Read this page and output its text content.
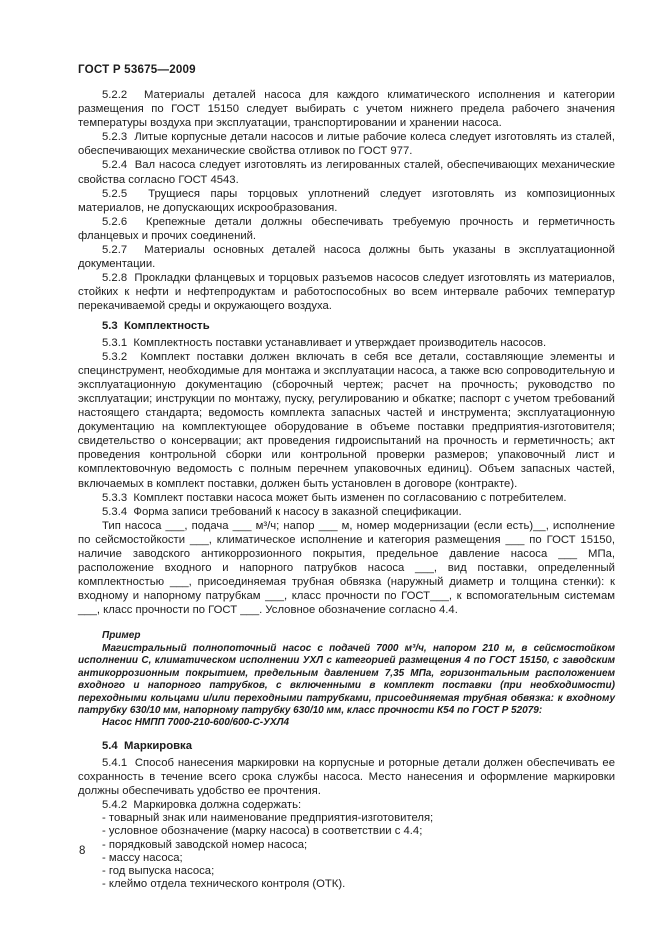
ГОСТ Р 53675—2009
5.2.2  Материалы деталей насоса для каждого климатического исполнения и категории размещения по ГОСТ 15150 следует выбирать с учетом нижнего предела рабочего значения температуры воздуха при эксплуатации, транспортировании и хранении насоса.
5.2.3  Литые корпусные детали насосов и литые рабочие колеса следует изготовлять из сталей, обеспечивающих механические свойства отливок по ГОСТ 977.
5.2.4  Вал насоса следует изготовлять из легированных сталей, обеспечивающих механические свойства согласно ГОСТ 4543.
5.2.5  Трущиеся пары торцовых уплотнений следует изготовлять из композиционных материалов, не допускающих искрообразования.
5.2.6  Крепежные детали должны обеспечивать требуемую прочность и герметичность фланцевых и прочих соединений.
5.2.7  Материалы основных деталей насоса должны быть указаны в эксплуатационной документации.
5.2.8  Прокладки фланцевых и торцовых разъемов насосов следует изготовлять из материалов, стойких к нефти и нефтепродуктам и работоспособных во всем интервале рабочих температур перекачиваемой среды и окружающего воздуха.
5.3  Комплектность
5.3.1  Комплектность поставки устанавливает и утверждает производитель насосов.
5.3.2  Комплект поставки должен включать в себя все детали, составляющие элементы и специнструмент, необходимые для монтажа и эксплуатации насоса, а также всю сопроводительную и эксплуатационную документацию (сборочный чертеж; расчет на прочность; руководство по эксплуатации; инструкции по монтажу, пуску, регулированию и обкатке; паспорт с учетом требований настоящего стандарта; ведомость комплекта запасных частей и инструмента; эксплуатационную документацию на комплектующее оборудование в объеме поставки предприятия-изготовителя; свидетельство о консервации; акт проведения гидроиспытаний на прочность и герметичность; акт проведения контрольной сборки или контрольной проверки размеров; упаковочный лист и комплектовочную ведомость с полным перечнем упаковочных единиц). Объем запасных частей, включаемых в комплект поставки, должен быть установлен в договоре (контракте).
5.3.3  Комплект поставки насоса может быть изменен по согласованию с потребителем.
5.3.4  Форма записи требований к насосу в заказной спецификации.
Тип насоса ___, подача ___ м³/ч; напор ___ м, номер модернизации (если есть)__, исполнение по сейсмостойкости ___, климатическое исполнение и категория размещения ___ по ГОСТ 15150, наличие заводского антикоррозионного покрытия, предельное давление насоса ___ МПа, расположение входного и напорного патрубков насоса ___, вид поставки, определенный комплектностью ___, присоединяемая трубная обвязка (наружный диаметр и толщина стенки): к входному и напорному патрубкам ___, класс прочности по ГОСТ___, к вспомогательным системам ___, класс прочности по ГОСТ ___. Условное обозначение согласно 4.4.
Пример
Магистральный полнопоточный насос с подачей 7000 м³/ч, напором 210 м, в сейсмостойком исполнении С, климатическом исполнении УХЛ с категорией размещения 4 по ГОСТ 15150, с заводским антикоррозионным покрытием, предельным давлением 7,35 МПа, горизонтальным расположением входного и напорного патрубков, с включенными в комплект поставки (при необходимости) переходными кольцами и/или переходными патрубками, присоединяемая трубная обвязка: к входному патрубку 630/10 мм, напорному патрубку 630/10 мм, класс прочности К54 по ГОСТ Р 52079:
Насос НМПП 7000-210-600/600-С-УХЛ4
5.4  Маркировка
5.4.1  Способ нанесения маркировки на корпусные и роторные детали должен обеспечивать ее сохранность в течение всего срока службы насоса. Место нанесения и оформление маркировки должны обеспечивать удобство ее прочтения.
5.4.2  Маркировка должна содержать:
- товарный знак или наименование предприятия-изготовителя;
- условное обозначение (марку насоса) в соответствии с 4.4;
- порядковый заводской номер насоса;
- массу насоса;
- год выпуска насоса;
- клеймо отдела технического контроля (ОТК).
8
